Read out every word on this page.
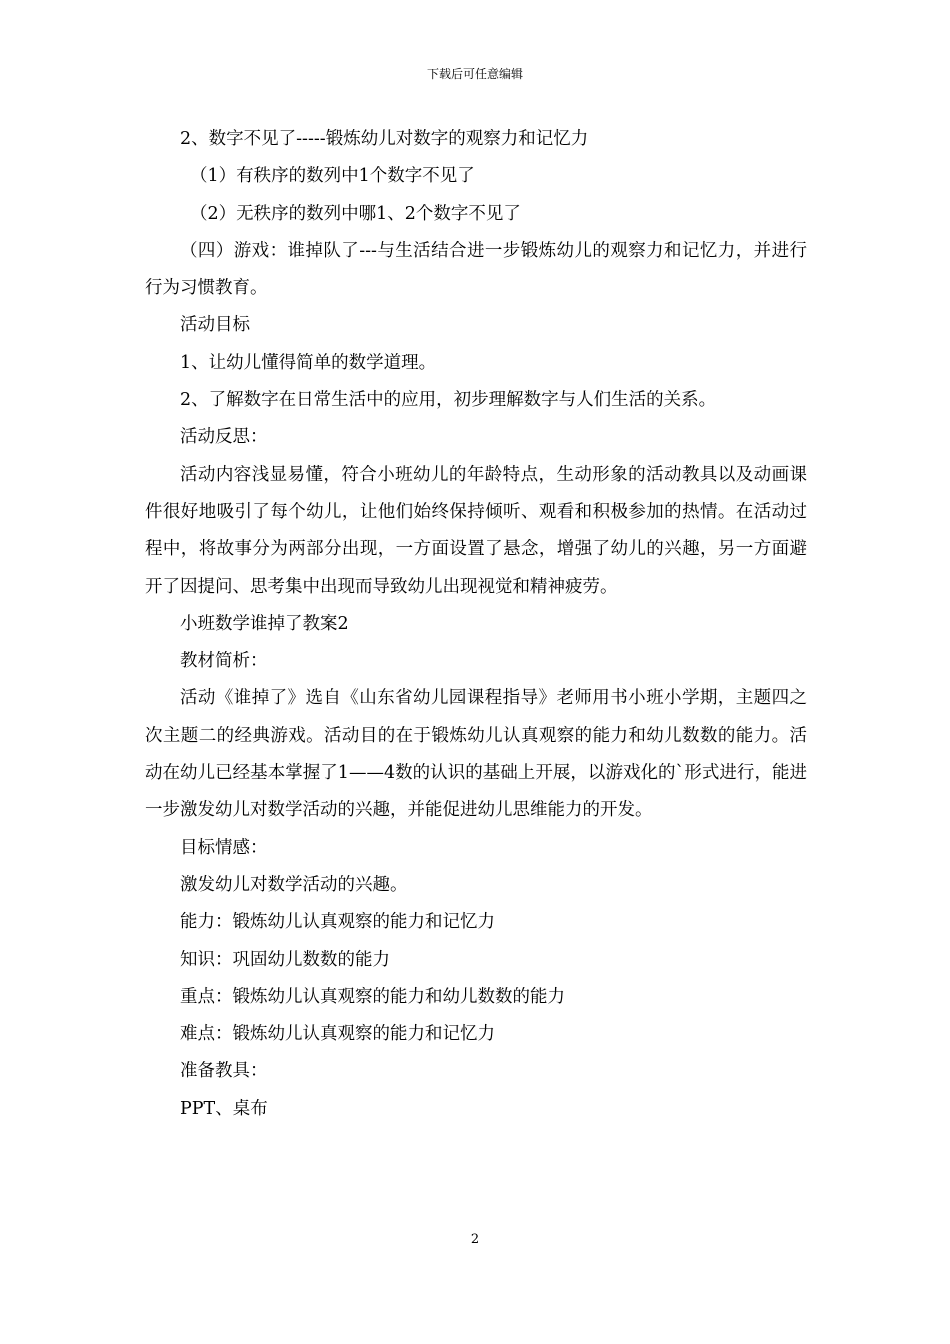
下载后可任意编辑

2、数字不见了-----锻炼幼儿对数字的观察力和记忆力

（1）有秩序的数列中1个数字不见了

（2）无秩序的数列中哪1、2个数字不见了

（四）游戏：谁掉队了---与生活结合进一步锻炼幼儿的观察力和记忆力，并进行行为习惯教育。

活动目标

1、让幼儿懂得简单的数学道理。

2、了解数字在日常生活中的应用，初步理解数字与人们生活的关系。

活动反思：

活动内容浅显易懂，符合小班幼儿的年龄特点，生动形象的活动教具以及动画课件很好地吸引了每个幼儿，让他们始终保持倾听、观看和积极参加的热情。在活动过程中，将故事分为两部分出现，一方面设置了悬念，增强了幼儿的兴趣，另一方面避开了因提问、思考集中出现而导致幼儿出现视觉和精神疲劳。

小班数学谁掉了教案2

教材简析：

活动《谁掉了》选自《山东省幼儿园课程指导》老师用书小班小学期，主题四之次主题二的经典游戏。活动目的在于锻炼幼儿认真观察的能力和幼儿数数的能力。活动在幼儿已经基本掌握了1——4数的认识的基础上开展，以游戏化的`形式进行，能进一步激发幼儿对数学活动的兴趣，并能促进幼儿思维能力的开发。

目标情感：

激发幼儿对数学活动的兴趣。

能力：锻炼幼儿认真观察的能力和记忆力

知识：巩固幼儿数数的能力

重点：锻炼幼儿认真观察的能力和幼儿数数的能力

难点：锻炼幼儿认真观察的能力和记忆力

准备教具：

PPT、桌布

2
